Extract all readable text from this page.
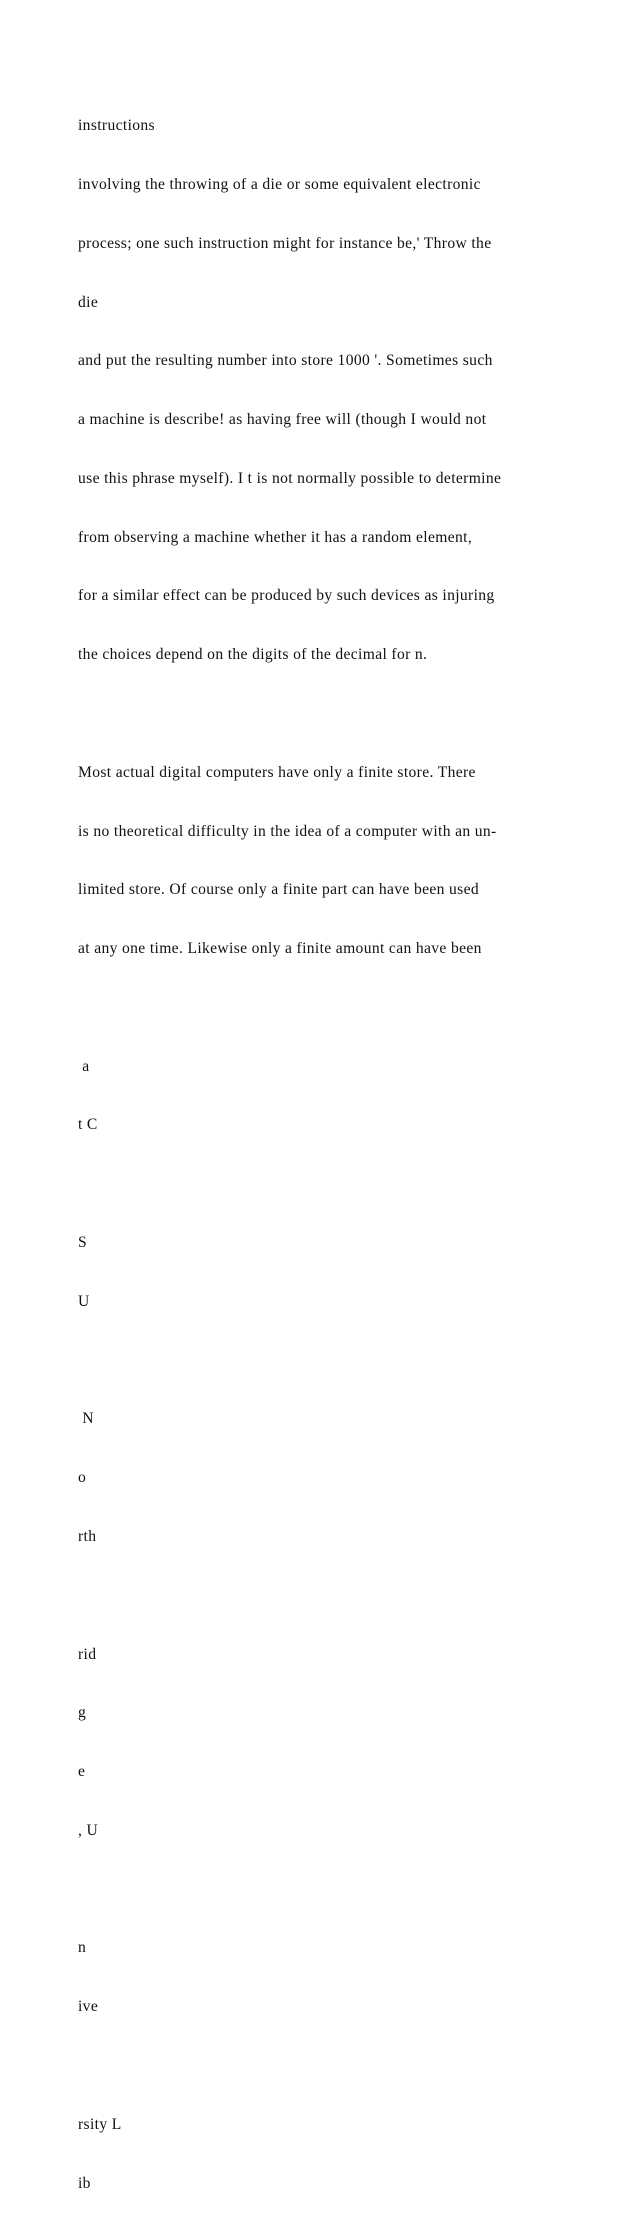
instructions

involving the throwing of a die or some equivalent electronic

process; one such instruction might for instance be,' Throw the

die

and put the resulting number into store 1000 '. Sometimes such

a machine is describe! as having free will (though I would not

use this phrase myself). I t is not normally possible to determine

from observing a machine whether it has a random element,

for a similar effect can be produced by such devices as injuring

the choices depend on the digits of the decimal for n.

Most actual digital computers have only a finite store. There

is no theoretical difficulty in the idea of a computer with an un-

limited store. Of course only a finite part can have been used

at any one time. Likewise only a finite amount can have been

a

t C

S

U

N

o

rth

rid

g

e

, U

n

ive

rsity L

ib
